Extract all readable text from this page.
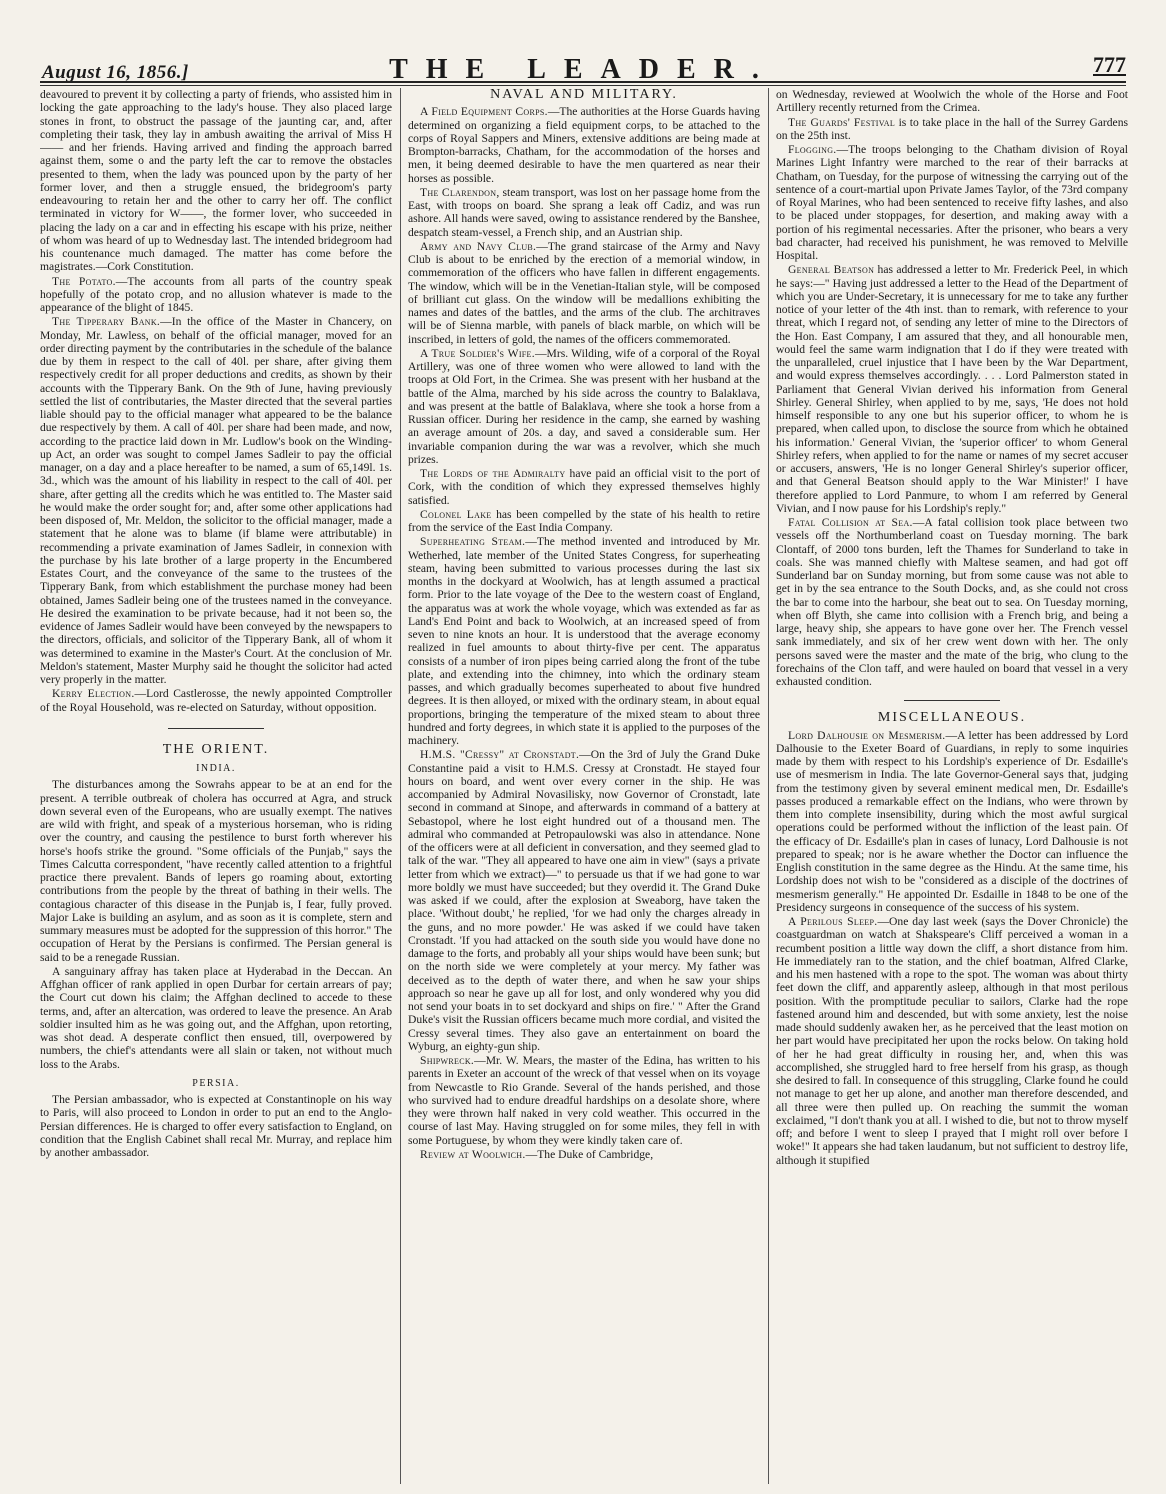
August 16, 1856.]	THE LEADER.	777

deavoured to prevent it by collecting a party of friends, who assisted him in locking the gate approaching to the lady's house. They also placed large stones in front, to obstruct the passage of the jaunting car, and, after completing their task, they lay in ambush awaiting the arrival of Miss H—— and her friends. Having arrived and finding the approach barred against them, some o and the party left the car to remove the obstacles presented to them, when the lady was pounced upon by the party of her former lover, and then a struggle ensued, the bridegroom's party endeavouring to retain her and the other to carry her off. The conflict terminated in victory for W——, the former lover, who succeeded in placing the lady on a car and in effecting his escape with his prize, neither of whom was heard of up to Wednesday last. The intended bridegroom had his countenance much damaged. The matter has come before the magistrates.—Cork Constitution.

The Potato.—The accounts from all parts of the country speak hopefully of the potato crop, and no allusion whatever is made to the appearance of the blight of 1845.

The Tipperary Bank.—In the office of the Master in Chancery, on Monday, Mr. Lawless, on behalf of the official manager, moved for an order directing payment by the contributaries in the schedule of the balance due by them in respect to the call of 40l. per share, after giving them respectively credit for all proper deductions and credits, as shown by their accounts with the Tipperary Bank. On the 9th of June, having previously settled the list of contributaries, the Master directed that the several parties liable should pay to the official manager what appeared to be the balance due respectively by them. A call of 40l. per share had been made, and now, according to the practice laid down in Mr. Ludlow's book on the Winding-up Act, an order was sought to compel James Sadleir to pay the official manager, on a day and a place hereafter to be named, a sum of 65,149l. 1s. 3d., which was the amount of his liability in respect to the call of 40l. per share, after getting all the credits which he was entitled to. The Master said he would make the order sought for; and, after some other applications had been disposed of, Mr. Meldon, the solicitor to the official manager, made a statement that he alone was to blame (if blame were attributable) in recommending a private examination of James Sadleir, in connexion with the purchase by his late brother of a large property in the Encumbered Estates Court, and the conveyance of the same to the trustees of the Tipperary Bank, from which establishment the purchase money had been obtained, James Sadleir being one of the trustees named in the conveyance. He desired the examination to be private because, had it not been so, the evidence of James Sadleir would have been conveyed by the newspapers to the directors, officials, and solicitor of the Tipperary Bank, all of whom it was determined to examine in the Master's Court. At the conclusion of Mr. Meldon's statement, Master Murphy said he thought the solicitor had acted very properly in the matter.

Kerry Election.—Lord Castlerosse, the newly appointed Comptroller of the Royal Household, was re-elected on Saturday, without opposition.

THE ORIENT.
INDIA.

The disturbances among the Sowrahs appear to be at an end for the present. A terrible outbreak of cholera has occurred at Agra, and struck down several even of the Europeans, who are usually exempt. The natives are wild with fright, and speak of a mysterious horseman, who is riding over the country, and causing the pestilence to burst forth wherever his horse's hoofs strike the ground. "Some officials of the Punjab," says the Times Calcutta correspondent, "have recently called attention to a frightful practice there prevalent. Bands of lepers go roaming about, extorting contributions from the people by the threat of bathing in their wells. The contagious character of this disease in the Punjab is, I fear, fully proved. Major Lake is building an asylum, and as soon as it is complete, stern and summary measures must be adopted for the suppression of this horror." The occupation of Herat by the Persians is confirmed. The Persian general is said to be a renegade Russian.

A sanguinary affray has taken place at Hyderabad in the Deccan. An Affghan officer of rank applied in open Durbar for certain arrears of pay; the Court cut down his claim; the Affghan declined to accede to these terms, and, after an altercation, was ordered to leave the presence. An Arab soldier insulted him as he was going out, and the Affghan, upon retorting, was shot dead. A desperate conflict then ensued, till, overpowered by numbers, the chief's attendants were all slain or taken, not without much loss to the Arabs.

PERSIA.

The Persian ambassador, who is expected at Constantinople on his way to Paris, will also proceed to London in order to put an end to the Anglo-Persian differences. He is charged to offer every satisfaction to England, on condition that the English Cabinet shall recal Mr. Murray, and replace him by another ambassador.

NAVAL AND MILITARY.

A Field Equipment Corps.—The authorities at the Horse Guards having determined on organizing a field equipment corps, to be attached to the corps of Royal Sappers and Miners, extensive additions are being made at Brompton-barracks, Chatham, for the accommodation of the horses and men, it being deemed desirable to have the men quartered as near their horses as possible.

The Clarendon, steam transport, was lost on her passage home from the East, with troops on board. She sprang a leak off Cadiz, and was run ashore. All hands were saved, owing to assistance rendered by the Banshee, despatch steam-vessel, a French ship, and an Austrian ship.

Army and Navy Club.—The grand staircase of the Army and Navy Club is about to be enriched by the erection of a memorial window, in commemoration of the officers who have fallen in different engagements. The window, which will be in the Venetian-Italian style, will be composed of brilliant cut glass. On the window will be medallions exhibiting the names and dates of the battles, and the arms of the club. The architraves will be of Sienna marble, with panels of black marble, on which will be inscribed, in letters of gold, the names of the officers commemorated.

A True Soldier's Wife.—Mrs. Wilding, wife of a corporal of the Royal Artillery, was one of three women who were allowed to land with the troops at Old Fort, in the Crimea. She was present with her husband at the battle of the Alma, marched by his side across the country to Balaklava, and was present at the battle of Balaklava, where she took a horse from a Russian officer. During her residence in the camp, she earned by washing an average amount of 20s. a day, and saved a considerable sum. Her invariable companion during the war was a revolver, which she much prizes.

The Lords of the Admiralty have paid an official visit to the port of Cork, with the condition of which they expressed themselves highly satisfied.

Colonel Lake has been compelled by the state of his health to retire from the service of the East India Company.

Superheating Steam.—The method invented and introduced by Mr. Wetherhed, late member of the United States Congress, for superheating steam, having been submitted to various processes during the last six months in the dockyard at Woolwich, has at length assumed a practical form. Prior to the late voyage of the Dee to the western coast of England, the apparatus was at work the whole voyage, which was extended as far as Land's End Point and back to Woolwich, at an increased speed of from seven to nine knots an hour. It is understood that the average economy realized in fuel amounts to about thirty-five per cent. The apparatus consists of a number of iron pipes being carried along the front of the tube plate, and extending into the chimney, into which the ordinary steam passes, and which gradually becomes superheated to about five hundred degrees. It is then alloyed, or mixed with the ordinary steam, in about equal proportions, bringing the temperature of the mixed steam to about three hundred and forty degrees, in which state it is applied to the purposes of the machinery.

H.M.S. "Cressy" at Cronstadt.—On the 3rd of July the Grand Duke Constantine paid a visit to H.M.S. Cressy at Cronstadt. He stayed four hours on board, and went over every corner in the ship. He was accompanied by Admiral Novasilisky, now Governor of Cronstadt, late second in command at Sinope, and afterwards in command of a battery at Sebastopol, where he lost eight hundred out of a thousand men. The admiral who commanded at Petropaulowski was also in attendance. None of the officers were at all deficient in conversation, and they seemed glad to talk of the war. "They all appeared to have one aim in view" (says a private letter from which we extract)—" to persuade us that if we had gone to war more boldly we must have succeeded; but they overdid it. The Grand Duke was asked if we could, after the explosion at Sweaborg, have taken the place. 'Without doubt,' he replied, 'for we had only the charges already in the guns, and no more powder.' He was asked if we could have taken Cronstadt. 'If you had attacked on the south side you would have done no damage to the forts, and probably all your ships would have been sunk; but on the north side we were completely at your mercy. My father was deceived as to the depth of water there, and when he saw your ships approach so near he gave up all for lost, and only wondered why you did not send your boats in to set dockyard and ships on fire.' " After the Grand Duke's visit the Russian officers became much more cordial, and visited the Cressy several times. They also gave an entertainment on board the Wyburg, an eighty-gun ship.

Shipwreck.—Mr. W. Mears, the master of the Edina, has written to his parents in Exeter an account of the wreck of that vessel when on its voyage from Newcastle to Rio Grande. Several of the hands perished, and those who survived had to endure dreadful hardships on a desolate shore, where they were thrown half naked in very cold weather. This occurred in the course of last May. Having struggled on for some miles, they fell in with some Portuguese, by whom they were kindly taken care of.

Review at Woolwich.—The Duke of Cambridge,

on Wednesday, reviewed at Woolwich the whole of the Horse and Foot Artillery recently returned from the Crimea.

The Guards' Festival is to take place in the hall of the Surrey Gardens on the 25th inst.

Flogging.—The troops belonging to the Chatham division of Royal Marines Light Infantry were marched to the rear of their barracks at Chatham, on Tuesday, for the purpose of witnessing the carrying out of the sentence of a court-martial upon Private James Taylor, of the 73rd company of Royal Marines, who had been sentenced to receive fifty lashes, and also to be placed under stoppages, for desertion, and making away with a portion of his regimental necessaries. After the prisoner, who bears a very bad character, had received his punishment, he was removed to Melville Hospital.

General Beatson has addressed a letter to Mr. Frederick Peel, in which he says:—" Having just addressed a letter to the Head of the Department of which you are Under-Secretary, it is unnecessary for me to take any further notice of your letter of the 4th inst. than to remark, with reference to your threat, which I regard not, of sending any letter of mine to the Directors of the Hon. East Company, I am assured that they, and all honourable men, would feel the same warm indignation that I do if they were treated with the unparalleled, cruel injustice that I have been by the War Department, and would express themselves accordingly. . . . Lord Palmerston stated in Parliament that General Vivian derived his information from General Shirley. General Shirley, when applied to by me, says, 'He does not hold himself responsible to any one but his superior officer, to whom he is prepared, when called upon, to disclose the source from which he obtained his information.' General Vivian, the 'superior officer' to whom General Shirley refers, when applied to for the name or names of my secret accuser or accusers, answers, 'He is no longer General Shirley's superior officer, and that General Beatson should apply to the War Minister!' I have therefore applied to Lord Panmure, to whom I am referred by General Vivian, and I now pause for his Lordship's reply."

Fatal Collision at Sea.—A fatal collision took place between two vessels off the Northumberland coast on Tuesday morning. The bark Clontaff, of 2000 tons burden, left the Thames for Sunderland to take in coals. She was manned chiefly with Maltese seamen, and had got off Sunderland bar on Sunday morning, but from some cause was not able to get in by the sea entrance to the South Docks, and, as she could not cross the bar to come into the harbour, she beat out to sea. On Tuesday morning, when off Blyth, she came into collision with a French brig, and being a large, heavy ship, she appears to have gone over her. The French vessel sank immediately, and six of her crew went down with her. The only persons saved were the master and the mate of the brig, who clung to the forechains of the Clon taff, and were hauled on board that vessel in a very exhausted condition.

MISCELLANEOUS.

Lord Dalhousie on Mesmerism.—A letter has been addressed by Lord Dalhousie to the Exeter Board of Guardians, in reply to some inquiries made by them with respect to his Lordship's experience of Dr. Esdaille's use of mesmerism in India. The late Governor-General says that, judging from the testimony given by several eminent medical men, Dr. Esdaille's passes produced a remarkable effect on the Indians, who were thrown by them into complete insensibility, during which the most awful surgical operations could be performed without the infliction of the least pain. Of the efficacy of Dr. Esdaille's plan in cases of lunacy, Lord Dalhousie is not prepared to speak; nor is he aware whether the Doctor can influence the English constitution in the same degree as the Hindu. At the same time, his Lordship does not wish to be "considered as a disciple of the doctrines of mesmerism generally." He appointed Dr. Esdaille in 1848 to be one of the Presidency surgeons in consequence of the success of his system.

A Perilous Sleep.—One day last week (says the Dover Chronicle) the coastguardman on watch at Shakspeare's Cliff perceived a woman in a recumbent position a little way down the cliff, a short distance from him. He immediately ran to the station, and the chief boatman, Alfred Clarke, and his men hastened with a rope to the spot. The woman was about thirty feet down the cliff, and apparently asleep, although in that most perilous position. With the promptitude peculiar to sailors, Clarke had the rope fastened around him and descended, but with some anxiety, lest the noise made should suddenly awaken her, as he perceived that the least motion on her part would have precipitated her upon the rocks below. On taking hold of her he had great difficulty in rousing her, and, when this was accomplished, she struggled hard to free herself from his grasp, as though she desired to fall. In consequence of this struggling, Clarke found he could not manage to get her up alone, and another man therefore descended, and all three were then pulled up. On reaching the summit the woman exclaimed, "I don't thank you at all. I wished to die, but not to throw myself off; and before I went to sleep I prayed that I might roll over before I woke!" It appears she had taken laudanum, but not sufficient to destroy life, although it stupified
